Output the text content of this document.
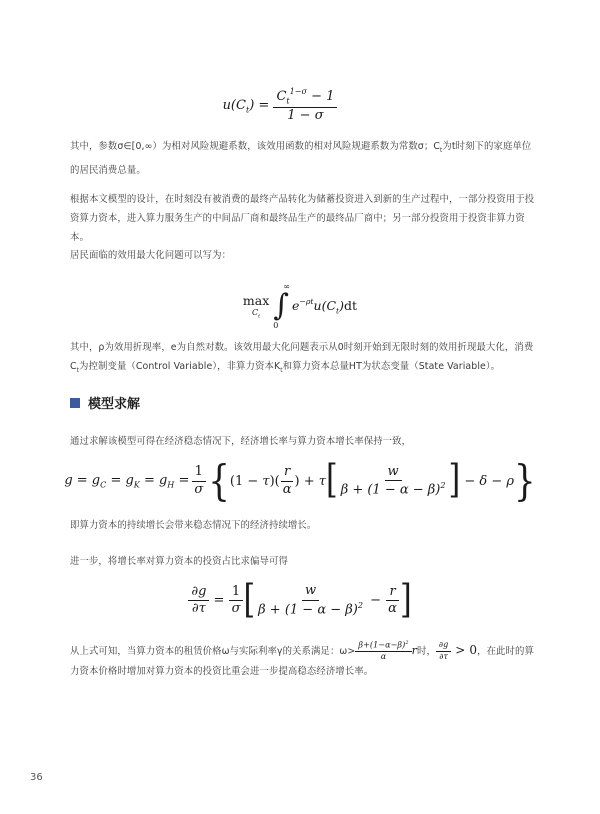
$u(C_t) = \frac{C_t^{1-\sigma} - 1}{1 - \sigma}$

其中，参数σ∈[0,∞）为相对风险规避系数，该效用函数的相对风险规避系数为常数σ；$C_t$为t时刻下的家庭单位的居民消费总量。

根据本文模型的设计，在时刻没有被消费的最终产品转化为储蓄投资进入到新的生产过程中，一部分投资用于投资算力资本，进入算力服务生产的中间品厂商和最终品生产的最终品厂商中；另一部分投资用于投资非算力资本。

居民面临的效用最大化问题可以写为：

max
$C_t$
∞
∫
0
$e^{-\rho t}u(C_t)dt$

其中，ρ为效用折现率，e为自然对数。该效用最大化问题表示从0时刻开始到无限时刻的效用折现最大化，消费$C_t$为控制变量（Control Variable），非算力资本$K_t$和算力资本总量HT为状态变量（State Variable）。

模型求解

通过求解该模型可得在经济稳态情况下，经济增长率与算力资本增长率保持一致，

$g = g_C = g_K = g_H = \frac{1}{\sigma}$ { (1 − τ) ( $\frac{r}{\alpha}$ ) + τ [ $\frac{w}{\beta + (1 - \alpha - \beta)^2}$ ] − δ − ρ }

即算力资本的持续增长会带来稳态情况下的经济持续增长。

进一步，将增长率对算力资本的投资占比求偏导可得

$\frac{\partial g}{\partial\tau} = \frac{1}{\sigma}$ [ $\frac{w}{\beta + (1 - \alpha - \beta)^2} - \frac{r}{\alpha}$ ]
从上式可知，当算力资本的租赁价格ω与实际利率γ的关系满足：$\omega> \frac{\beta+(1-\alpha-\beta)^2}{\alpha}$ r时， $\frac{\partial g}{\partial\tau} > 0$，在此时的算力资本价格时增加对算力资本的投资比重会进一步提高稳态经济增长率。
36
